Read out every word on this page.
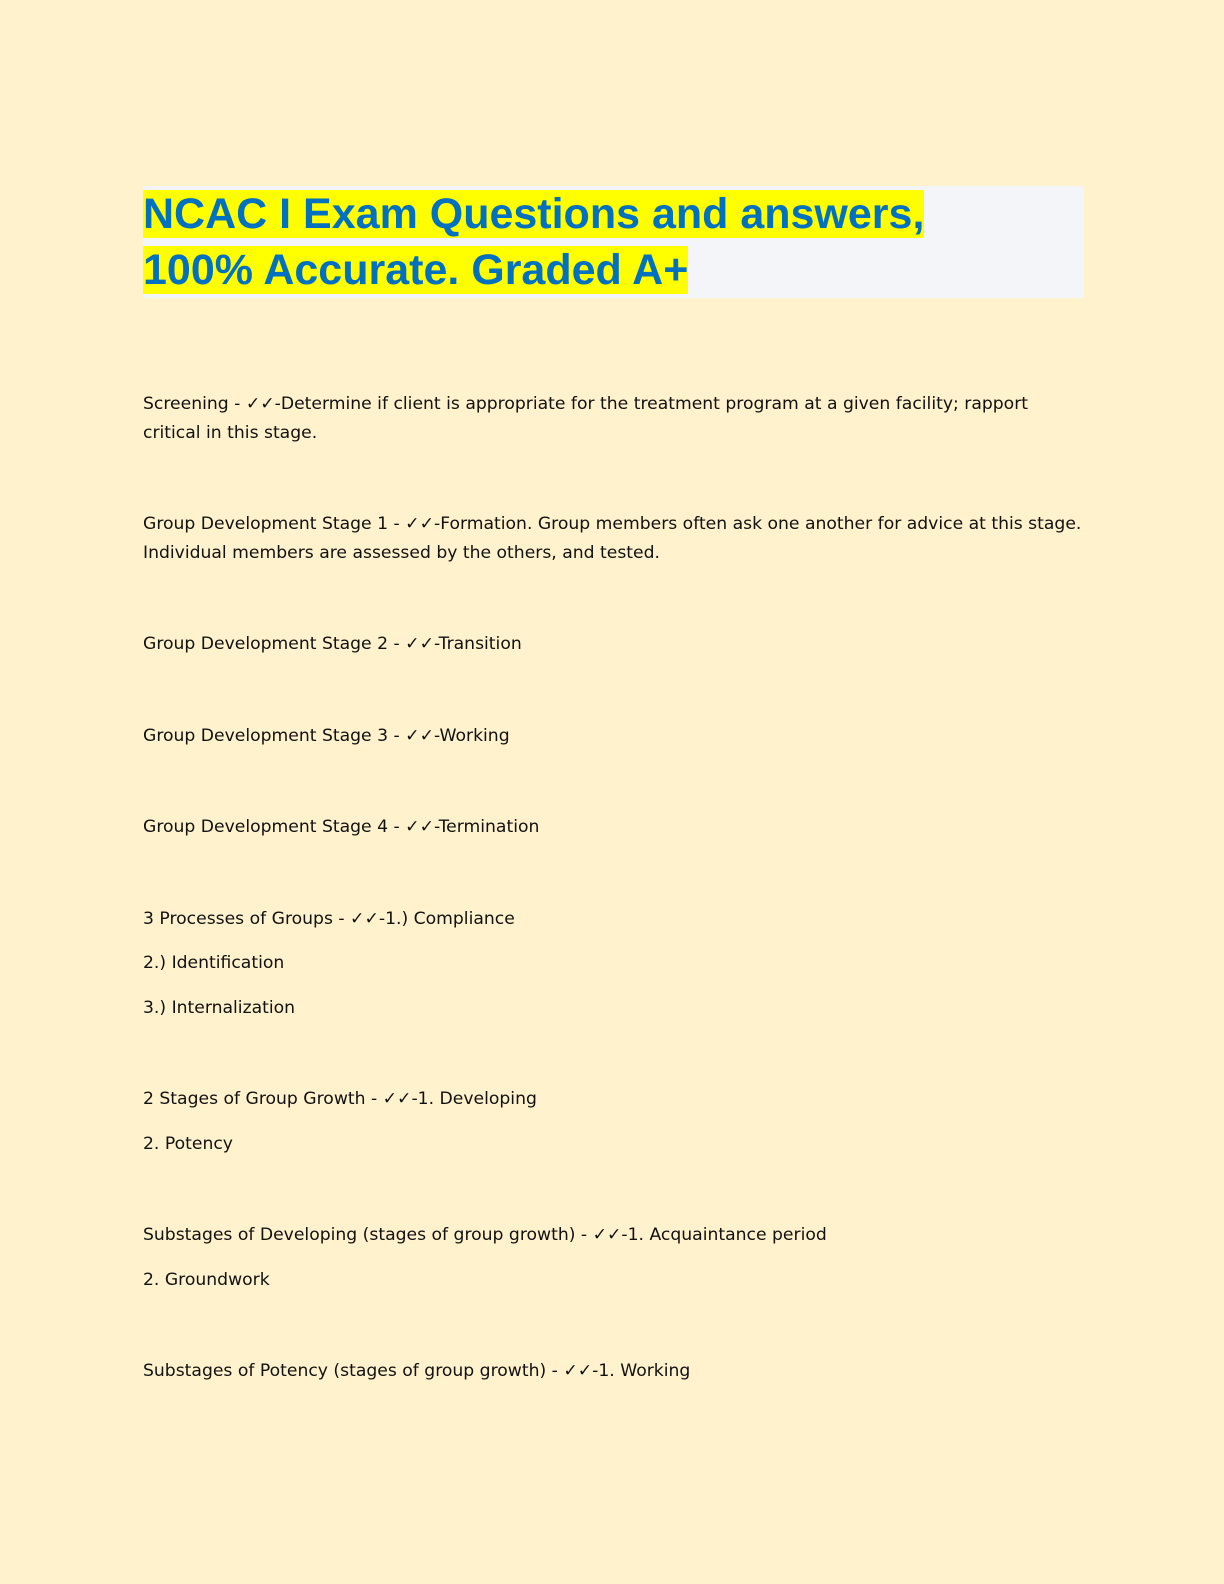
NCAC I Exam Questions and answers,
100% Accurate. Graded A+

Screening - ✓✓-Determine if client is appropriate for the treatment program at a given facility; rapport critical in this stage.

Group Development Stage 1 - ✓✓-Formation. Group members often ask one another for advice at this stage. Individual members are assessed by the others, and tested.

Group Development Stage 2 - ✓✓-Transition

Group Development Stage 3 - ✓✓-Working

Group Development Stage 4 - ✓✓-Termination

3 Processes of Groups - ✓✓-1.) Compliance

2.) Identification

3.) Internalization

2 Stages of Group Growth - ✓✓-1. Developing

2. Potency

Substages of Developing (stages of group growth) - ✓✓-1. Acquaintance period

2. Groundwork

Substages of Potency (stages of group growth) - ✓✓-1. Working
